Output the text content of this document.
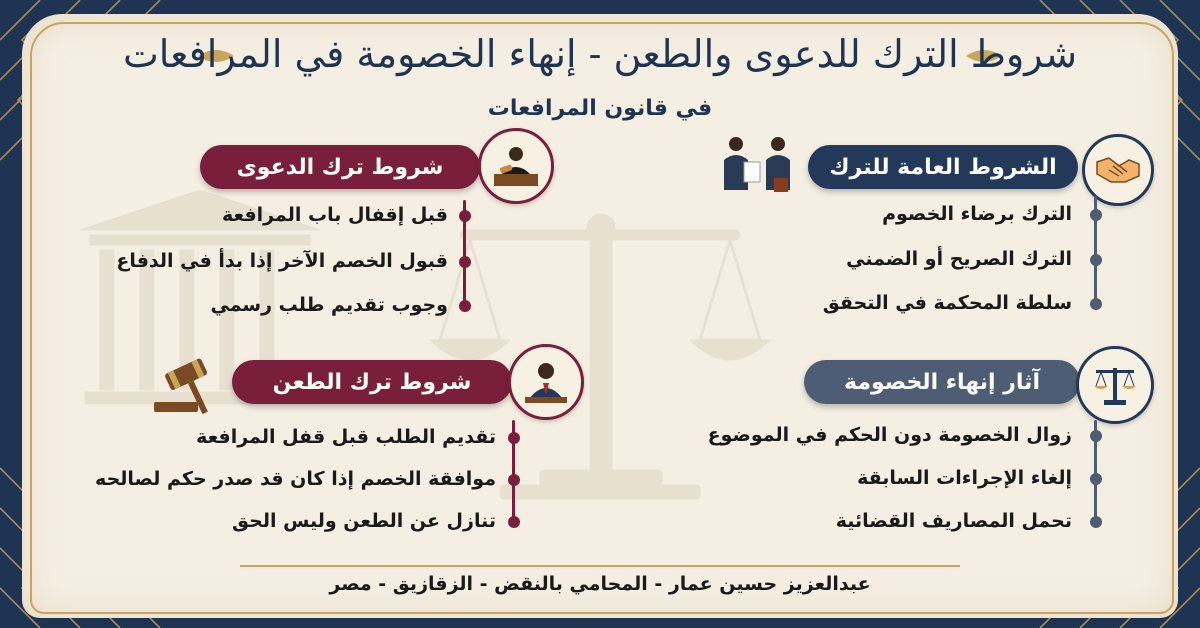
شروط الترك للدعوى والطعن - إنهاء الخصومة في المرافعات
في قانون المرافعات
الشروط العامة للترك
الترك برضاء الخصوم
الترك الصريح أو الضمني
سلطة المحكمة في التحقق
شروط ترك الدعوى
قبل إقفال باب المرافعة
قبول الخصم الآخر إذا بدأ في الدفاع
وجوب تقديم طلب رسمي
آثار إنهاء الخصومة
زوال الخصومة دون الحكم في الموضوع
إلغاء الإجراءات السابقة
تحمل المصاريف القضائية
شروط ترك الطعن
تقديم الطلب قبل قفل المرافعة
موافقة الخصم إذا كان قد صدر حكم لصالحه
تنازل عن الطعن وليس الحق
عبدالعزيز حسين عمار - المحامي بالنقض - الزقازيق - مصر
